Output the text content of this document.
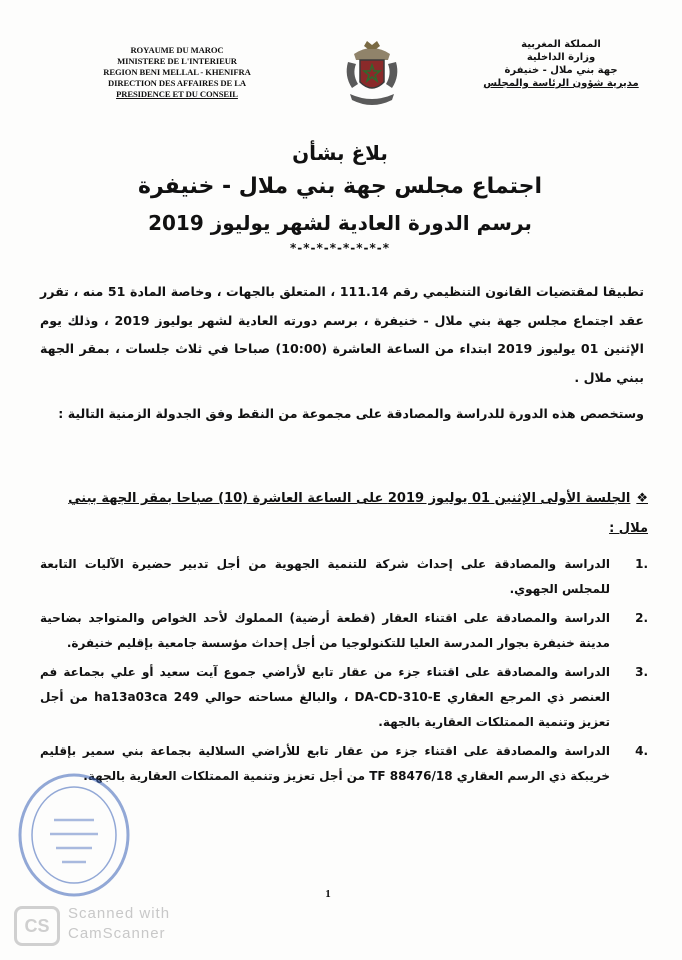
ROYAUME DU MAROC
MINISTERE DE L'INTERIEUR
REGION BENI MELLAL - KHENIFRA
DIRECTION DES AFFAIRES DE LA
PRESIDENCE ET DU CONSEIL
المملكة المغربية
وزارة الداخلية
جهة بني ملال - خنيفرة
مديرية شؤون الرئاسة والمجلس
بلاغ بشأن
اجتماع مجلس جهة بني ملال - خنيفرة
برسم الدورة العادية لشهر يوليوز 2019
*-*-*-*-*-*-*-*

تطبيقا لمقتضيات القانون التنظيمي رقم 111.14 ، المتعلق بالجهات ، وخاصة المادة 51 منه ، تقرر عقد اجتماع مجلس جهة بني ملال - خنيفرة ، برسم دورته العادية لشهر يوليوز 2019 ، وذلك يوم الإثنين 01 يوليوز 2019 ابتداء من الساعة العاشرة (10:00) صباحا في ثلاث جلسات ، بمقر الجهة ببني ملال .

وستخصص هذه الدورة للدراسة والمصادقة على مجموعة من النقط وفق الجدولة الزمنية التالية :

❖الجلسة الأولى الإثنين 01 يوليوز 2019 على الساعة العاشرة (10) صباحا بمقر الجهة ببني ملال :
.1
الدراسة والمصادقة على إحداث شركة للتنمية الجهوية من أجل تدبير حضيرة الآليات التابعة للمجلس الجهوي.
.2
الدراسة والمصادقة على اقتناء العقار (قطعة أرضية) المملوك لأحد الخواص والمتواجد بضاحية مدينة خنيفرة بجوار المدرسة العليا للتكنولوجيا من أجل إحداث مؤسسة جامعية بإقليم خنيفرة.
.3
الدراسة والمصادقة على اقتناء جزء من عقار تابع لأراضي جموع آيت سعيد أو علي بجماعة فم العنصر ذي المرجع العقاري DA-CD-310-E ، والبالغ مساحته حوالي 249 ha13a03ca من أجل تعزيز وتنمية الممتلكات العقارية بالجهة.
.4
الدراسة والمصادقة على اقتناء جزء من عقار تابع للأراضي السلالية بجماعة بني سمير بإقليم خريبكة ذي الرسم العقاري TF 88476/18 من أجل تعزيز وتنمية الممتلكات العقارية بالجهة.
1
CS
Scanned with
CamScanner
